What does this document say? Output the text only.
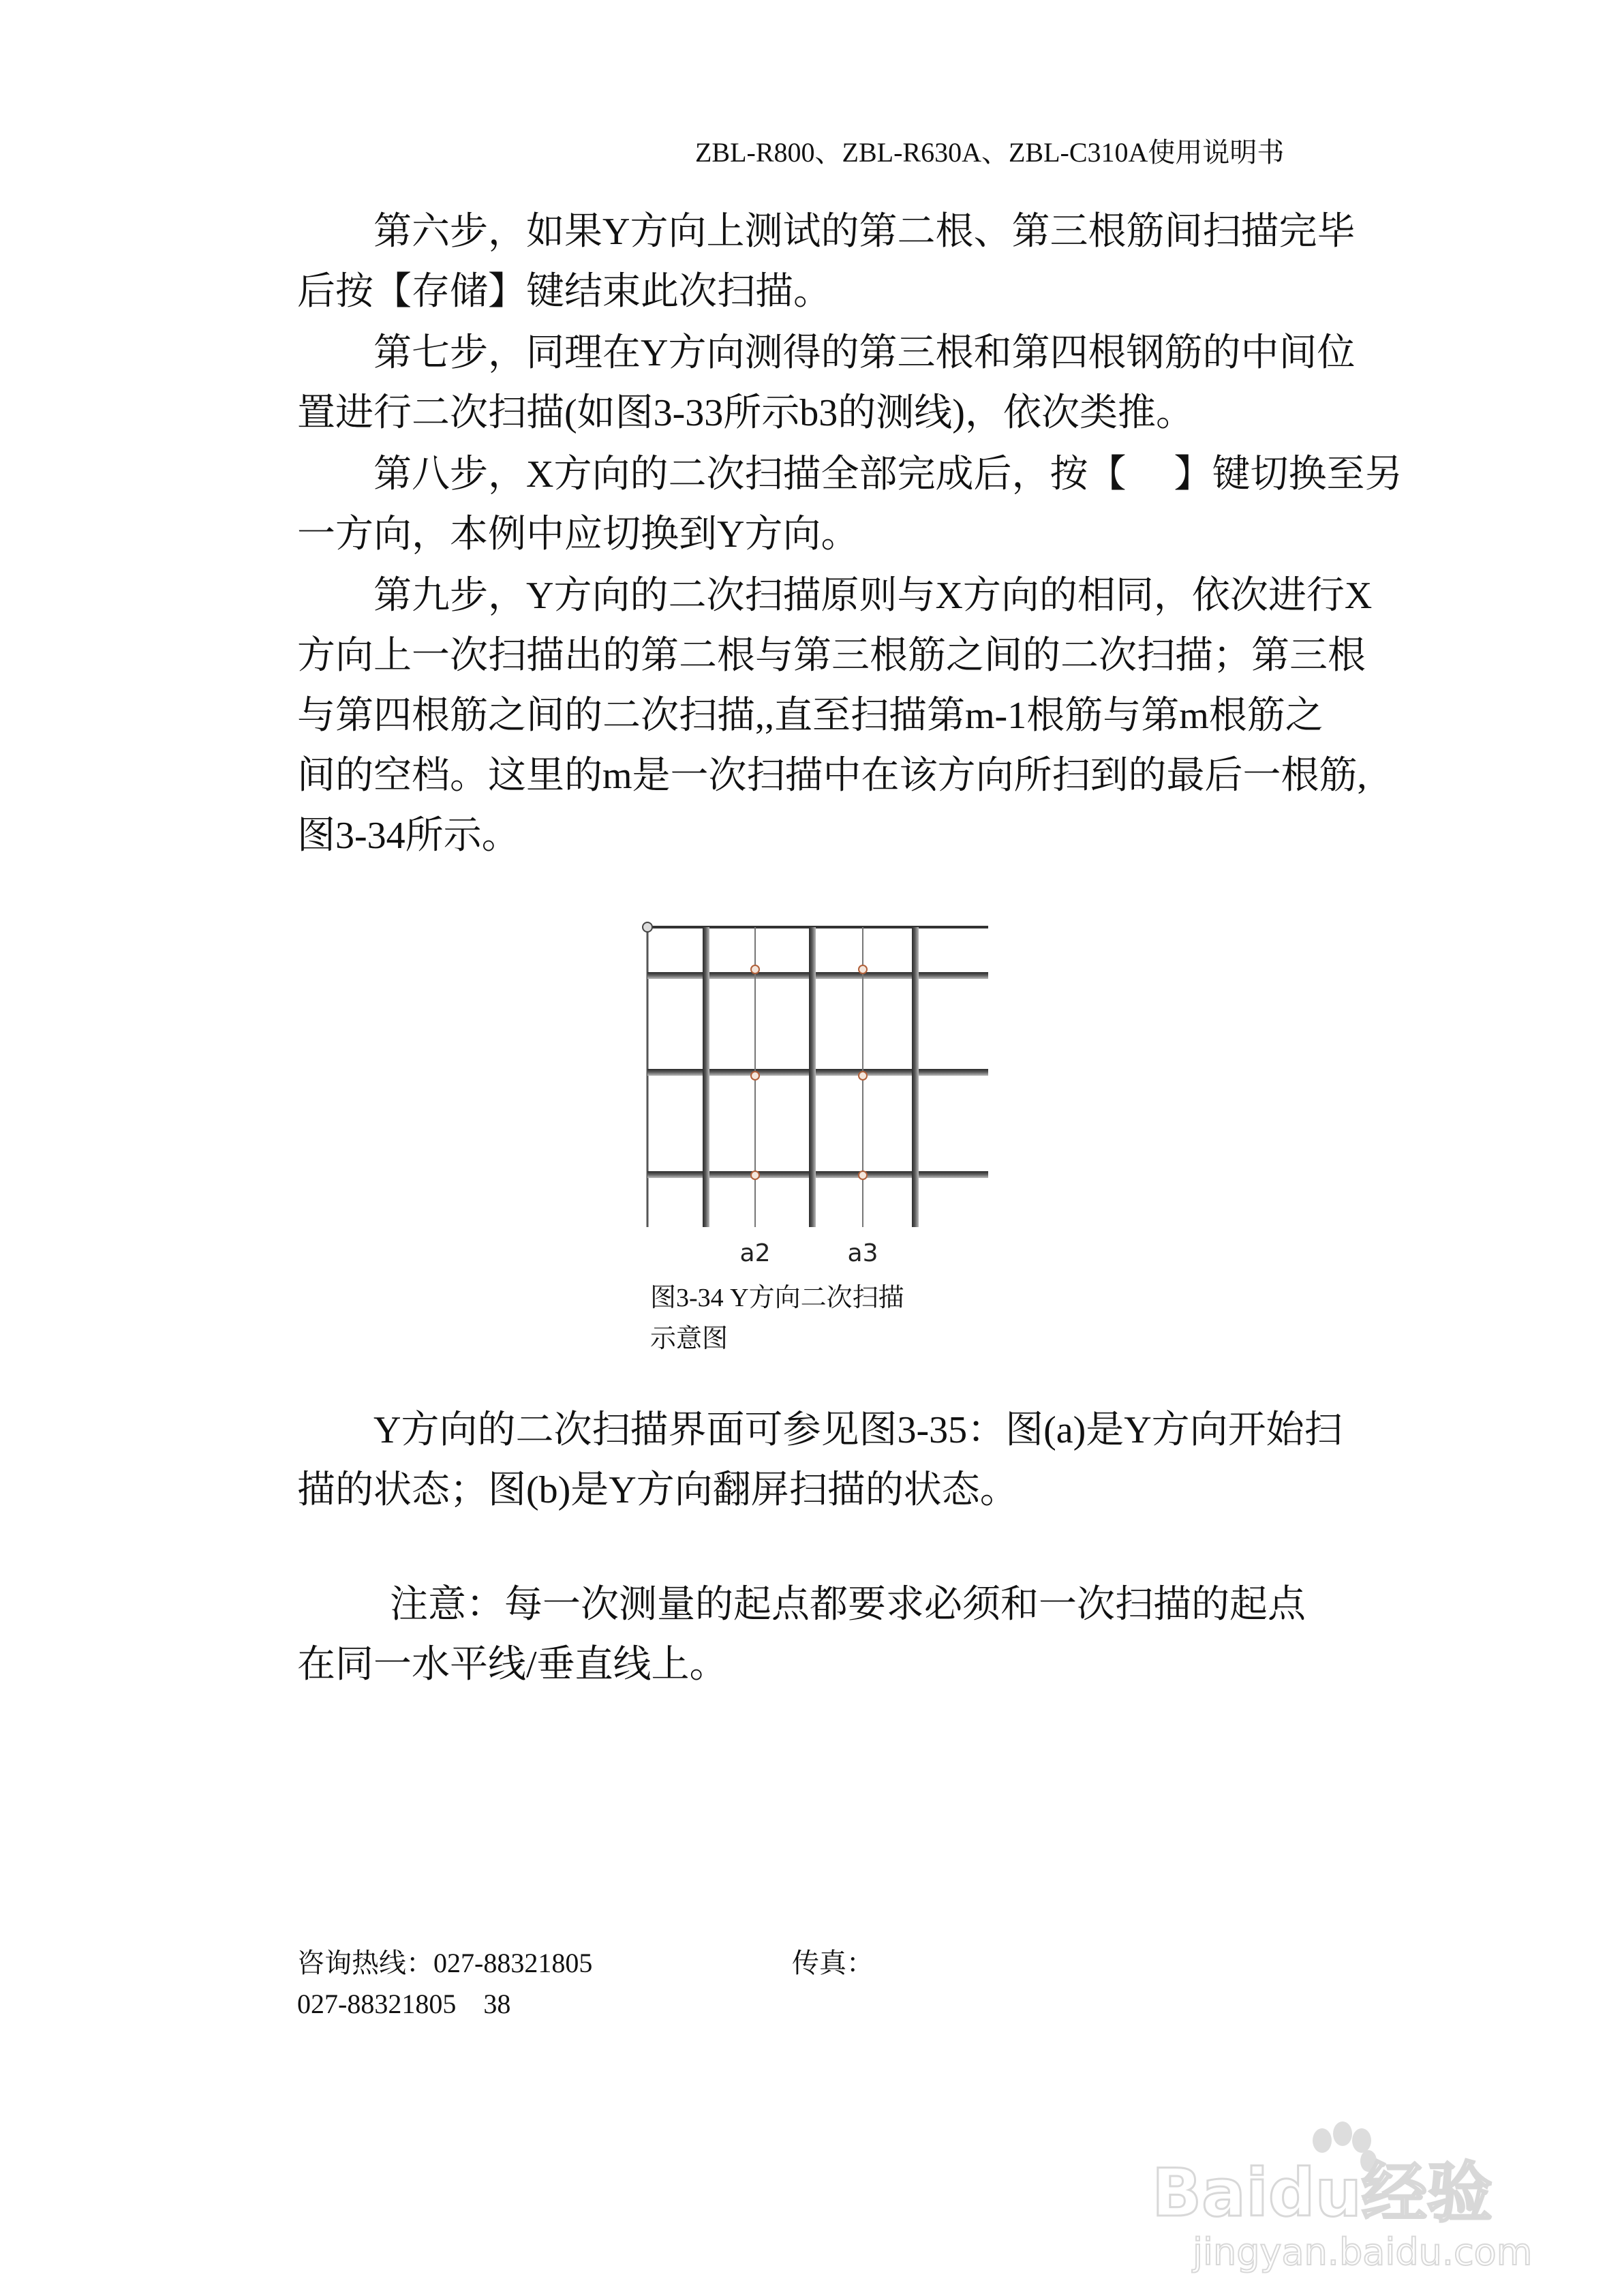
ZBL-R800、ZBL-R630A、ZBL-C310A使用说明书
第六步，如果Y方向上测试的第二根、第三根筋间扫描完毕
后按【存储】键结束此次扫描。
第七步，同理在Y方向测得的第三根和第四根钢筋的中间位
置进行二次扫描(如图3-33所示b3的测线)，依次类推。
第八步，X方向的二次扫描全部完成后，按【　 】键切换至另
一方向，本例中应切换到Y方向。
第九步，Y方向的二次扫描原则与X方向的相同，依次进行X
方向上一次扫描出的第二根与第三根筋之间的二次扫描；第三根
与第四根筋之间的二次扫描,,直至扫描第m-1根筋与第m根筋之
间的空档。这里的m是一次扫描中在该方向所扫到的最后一根筋,
图3-34所示。
a2	a3
图3-34 Y方向二次扫描
示意图
Y方向的二次扫描界面可参见图3-35：图(a)是Y方向开始扫
描的状态；图(b)是Y方向翻屏扫描的状态。
注意：每一次测量的起点都要求必须和一次扫描的起点
在同一水平线/垂直线上。
咨询热线：027-88321805	传真：
027-88321805　38
Baidu经验
jingyan.baidu.com
